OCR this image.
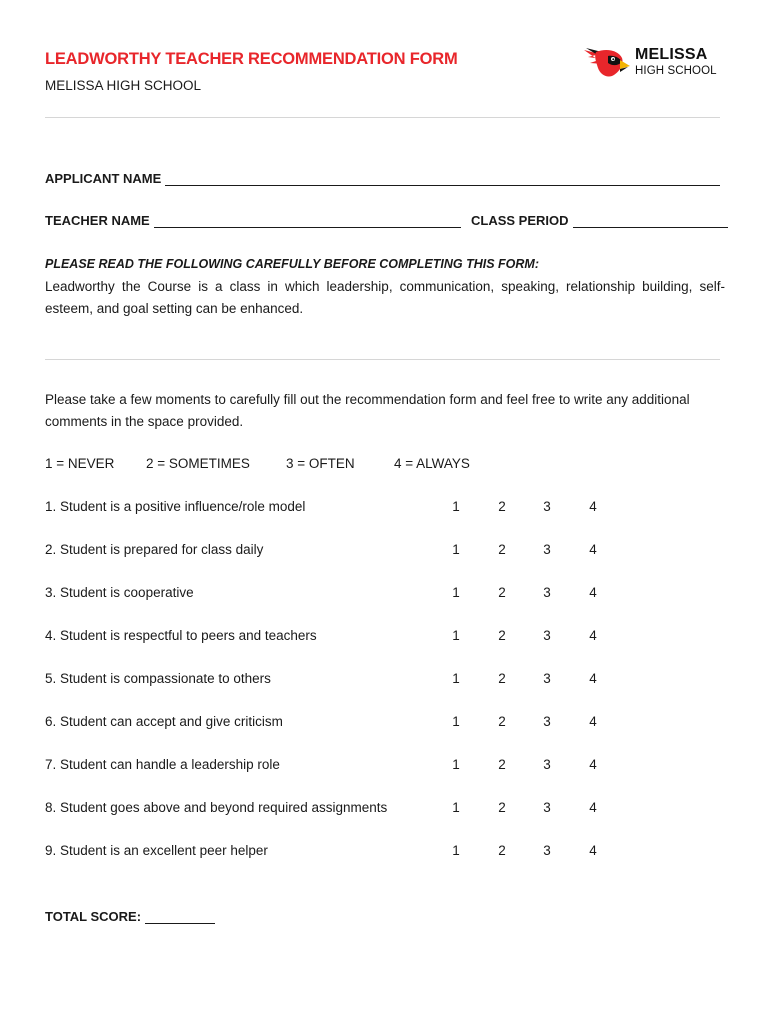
LEADWORTHY TEACHER RECOMMENDATION FORM
MELISSA HIGH SCHOOL
MELISSA
HIGH SCHOOL
APPLICANT NAME
TEACHER NAME	CLASS PERIOD
PLEASE READ THE FOLLOWING CAREFULLY BEFORE COMPLETING THIS FORM:
Leadworthy the Course is a class in which leadership, communication, speaking, relationship building, self-esteem, and goal setting can be enhanced.
Please take a few moments to carefully fill out the recommendation form and feel free to write any additional comments in the space provided.
1 = NEVER 2 = SOMETIMES	3 = OFTEN	4 = ALWAYS
1. Student is a positive influence/role model	1	2	3	4
2. Student is prepared for class daily	1	2	3	4
3. Student is cooperative	1	2	3	4
4. Student is respectful to peers and teachers	1	2	3	4
5. Student is compassionate to others	1	2	3	4
6. Student can accept and give criticism	1	2	3	4
7. Student can handle a leadership role	1	2	3	4
8. Student goes above and beyond required assignments	1	2	3	4
9. Student is an excellent peer helper	1	2	3	4
TOTAL SCORE:
